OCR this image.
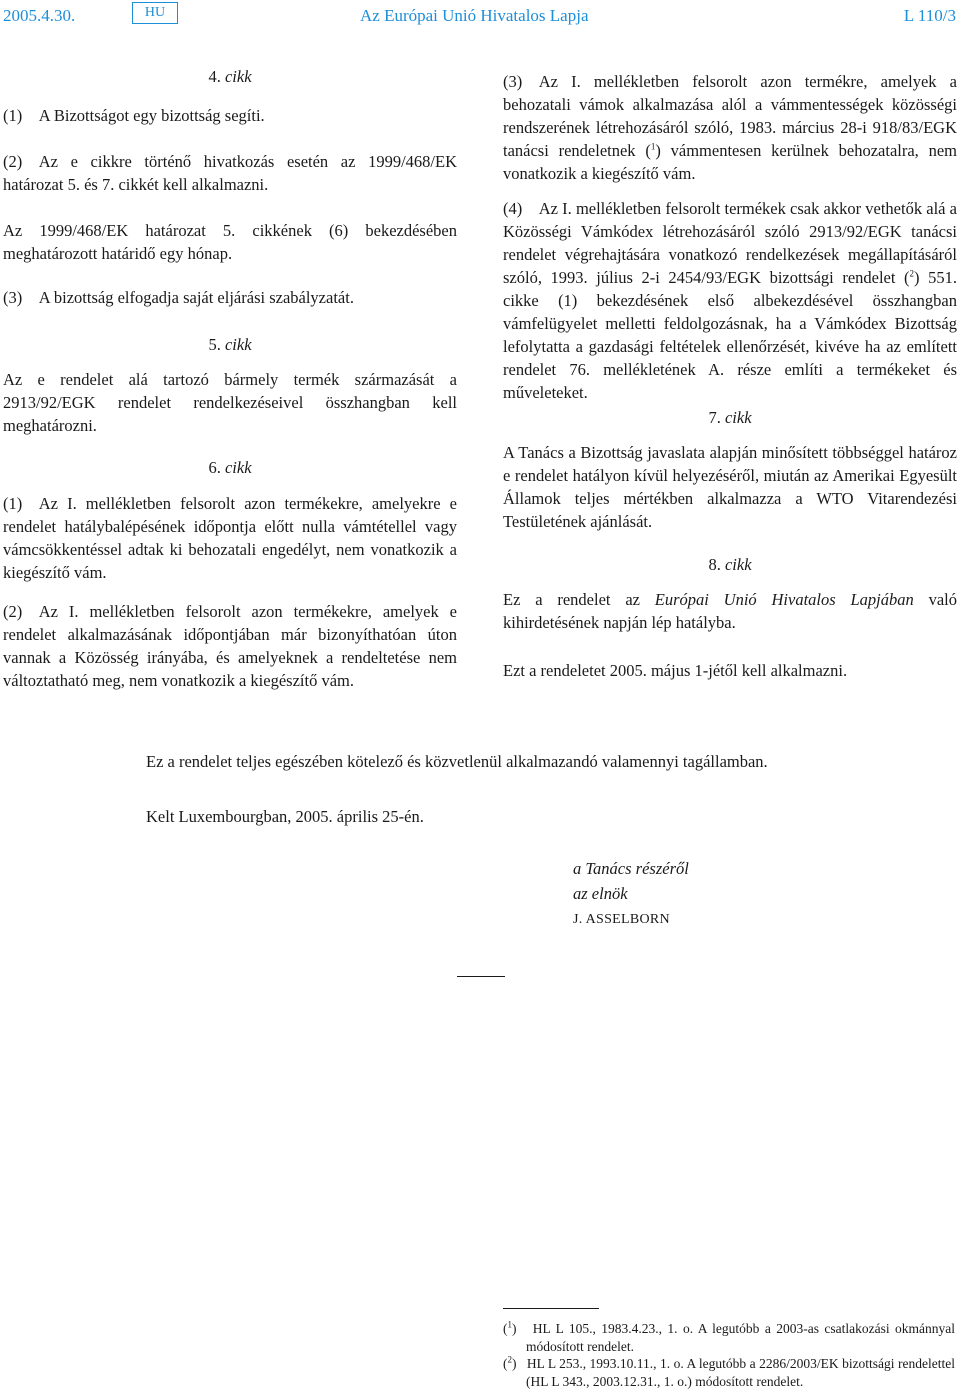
2005.4.30.	HU	Az Európai Unió Hivatalos Lapja	L 110/3
4. cikk

(1) A Bizottságot egy bizottság segíti.

(2) Az e cikkre történő hivatkozás esetén az 1999/468/EK határozat 5. és 7. cikkét kell alkalmazni.

Az 1999/468/EK határozat 5. cikkének (6) bekezdésében meghatározott határidő egy hónap.

(3) A bizottság elfogadja saját eljárási szabályzatát.

5. cikk

Az e rendelet alá tartozó bármely termék származását a 2913/92/EGK rendelet rendelkezéseivel összhangban kell meghatározni.

6. cikk

(1) Az I. mellékletben felsorolt azon termékekre, amelyekre e rendelet hatálybalépésének időpontja előtt nulla vámtétellel vagy vámcsökkentéssel adtak ki behozatali engedélyt, nem vonatkozik a kiegészítő vám.

(2) Az I. mellékletben felsorolt azon termékekre, amelyek e rendelet alkalmazásának időpontjában már bizonyíthatóan úton vannak a Közösség irányába, és amelyeknek a rendeltetése nem változtatható meg, nem vonatkozik a kiegészítő vám.

(3) Az I. mellékletben felsorolt azon termékre, amelyek a behozatali vámok alkalmazása alól a vámmentességek közösségi rendszerének létrehozásáról szóló, 1983. március 28-i 918/83/EGK tanácsi rendeletnek ($^1$) vámmentesen kerülnek behozatalra, nem vonatkozik a kiegészítő vám.

(4) Az I. mellékletben felsorolt termékek csak akkor vethetők alá a Közösségi Vámkódex létrehozásáról szóló 2913/92/EGK tanácsi rendelet végrehajtására vonatkozó rendelkezések megállapításáról szóló, 1993. július 2-i 2454/93/EGK bizottsági rendelet ($^2$) 551. cikke (1) bekezdésének első albekezdésével összhangban vámfelügyelet melletti feldolgozásnak, ha a Vámkódex Bizottság lefolytatta a gazdasági feltételek ellenőrzését, kivéve ha az említett rendelet 76. mellékletének A. része említi a termékeket és műveleteket.

7. cikk

A Tanács a Bizottság javaslata alapján minősített többséggel határoz e rendelet hatályon kívül helyezéséről, miután az Amerikai Egyesült Államok teljes mértékben alkalmazza a WTO Vitarendezési Testületének ajánlását.

8. cikk

Ez a rendelet az Európai Unió Hivatalos Lapjában való kihirdetésének napján lép hatályba.

Ezt a rendeletet 2005. május 1-jétől kell alkalmazni.

Ez a rendelet teljes egészében kötelező és közvetlenül alkalmazandó valamennyi tagállamban.

Kelt Luxembourgban, 2005. április 25-én.

a Tanács részéről

az elnök

J. ASSELBORN

($^1$)   HL L 105., 1983.4.23., 1. o. A legutóbb a 2003-as csatlakozási okmánnyal módosított rendelet.

($^2$)   HL L 253., 1993.10.11., 1. o. A legutóbb a 2286/2003/EK bizottsági rendelettel (HL L 343., 2003.12.31., 1. o.) módosított rendelet.
